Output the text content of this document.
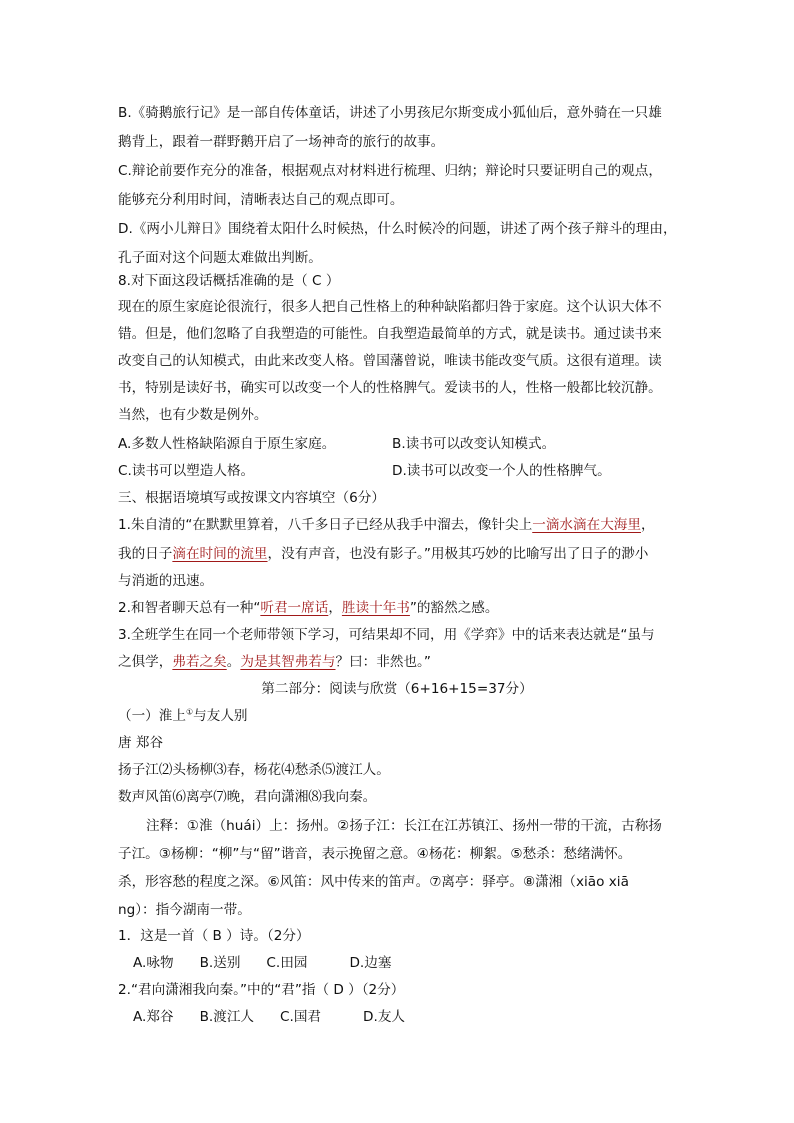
B.《骑鹅旅行记》是一部自传体童话，讲述了小男孩尼尔斯变成小狐仙后，意外骑在一只雄
鹅背上，跟着一群野鹅开启了一场神奇的旅行的故事。
C.辩论前要作充分的准备，根据观点对材料进行梳理、归纳；辩论时只要证明自己的观点，
能够充分利用时间，清晰表达自己的观点即可。
D.《两小儿辩日》围绕着太阳什么时候热，什么时候冷的问题，讲述了两个孩子辩斗的理由，
孔子面对这个问题太难做出判断。
8.对下面这段话概括准确的是（ C ）
现在的原生家庭论很流行，很多人把自己性格上的种种缺陷都归咎于家庭。这个认识大体不
错。但是，他们忽略了自我塑造的可能性。自我塑造最简单的方式，就是读书。通过读书来
改变自己的认知模式，由此来改变人格。曾国藩曾说，唯读书能改变气质。这很有道理。读
书，特别是读好书，确实可以改变一个人的性格脾气。爱读书的人，性格一般都比较沉静。
当然，也有少数是例外。
A.多数人性格缺陷源自于原生家庭。	B.读书可以改变认知模式。
C.读书可以塑造人格。	D.读书可以改变一个人的性格脾气。
三、根据语境填写或按课文内容填空（6分）
1.朱自清的“在默默里算着，八千多日子已经从我手中溜去，像针尖上一滴水滴在大海里，
我的日子滴在时间的流里，没有声音，也没有影子。”用极其巧妙的比喻写出了日子的渺小
与消逝的迅速。
2.和智者聊天总有一种“听君一席话，胜读十年书”的豁然之感。
3.全班学生在同一个老师带领下学习，可结果却不同，用《学弈》中的话来表达就是“虽与
之俱学，弗若之矣。为是其智弗若与？曰：非然也。”
第二部分：阅读与欣赏（6+16+15=37分）
（一）淮上①与友人别
唐 郑谷
扬子江⑵头杨柳⑶春，杨花⑷愁杀⑸渡江人。
数声风笛⑹离亭⑺晚，君向潇湘⑻我向秦。
注释：①淮（huái）上：扬州。②扬子江：长江在江苏镇江、扬州一带的干流，古称扬
子江。③杨柳：“柳”与“留”谐音，表示挽留之意。④杨花：柳絮。⑤愁杀：愁绪满怀。
杀，形容愁的程度之深。⑥风笛：风中传来的笛声。⑦离亭：驿亭。⑧潇湘（xiāo xiā
ng）：指今湖南一带。
1．这是一首（ B ）诗。（2分）
A.咏物 B.送别 C.田园	D.边塞
2.“君向潇湘我向秦。”中的“君”指（ D ）（2分）
A.郑谷 B.渡江人 C.国君	D.友人
